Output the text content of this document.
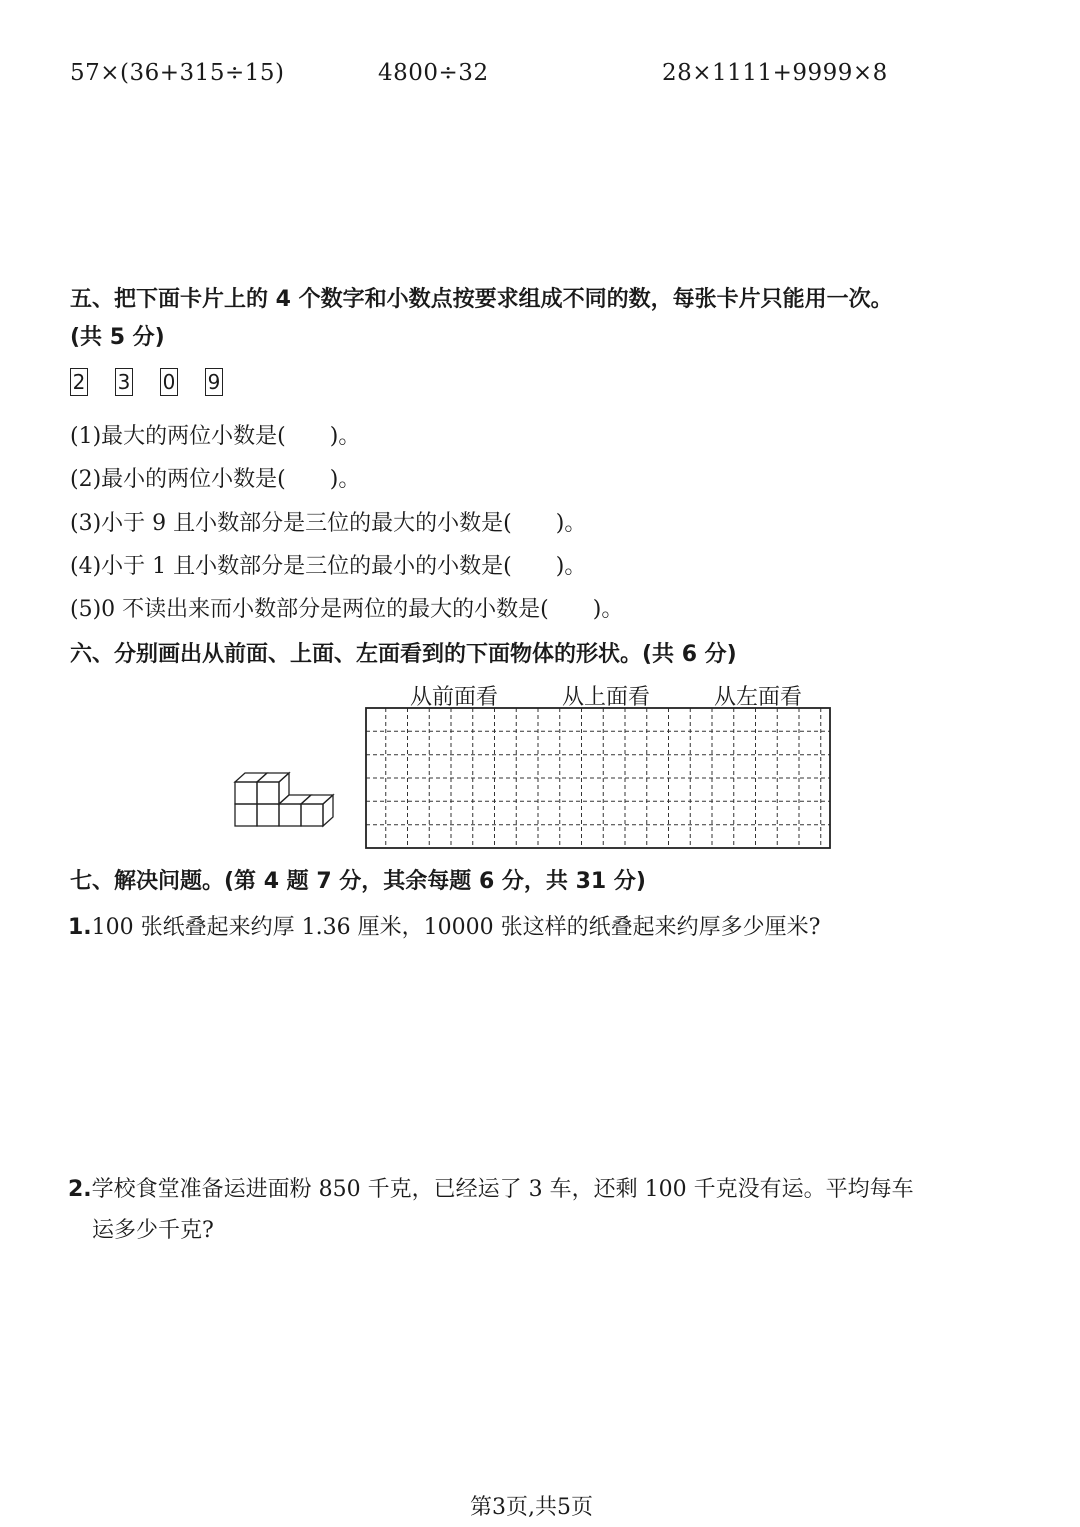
57×(36+315÷15)	4800÷32	28×1111+9999×8
五、把下面卡片上的 4 个数字和小数点按要求组成不同的数，每张卡片只能用一次。
(共 5 分)
2 3 0 9
(1)最大的两位小数是(　　)。
(2)最小的两位小数是(　　)。
(3)小于 9 且小数部分是三位的最大的小数是(　　)。
(4)小于 1 且小数部分是三位的最小的小数是(　　)。
(5)0 不读出来而小数部分是两位的最大的小数是(　　)。
六、分别画出从前面、上面、左面看到的下面物体的形状。(共 6 分)
从前面看	从上面看	从左面看
七、解决问题。(第 4 题 7 分，其余每题 6 分，共 31 分)
1.100 张纸叠起来约厚 1.36 厘米，10000 张这样的纸叠起来约厚多少厘米?
2.学校食堂准备运进面粉 850 千克，已经运了 3 车，还剩 100 千克没有运。平均每车
运多少千克?
第3页,共5页
